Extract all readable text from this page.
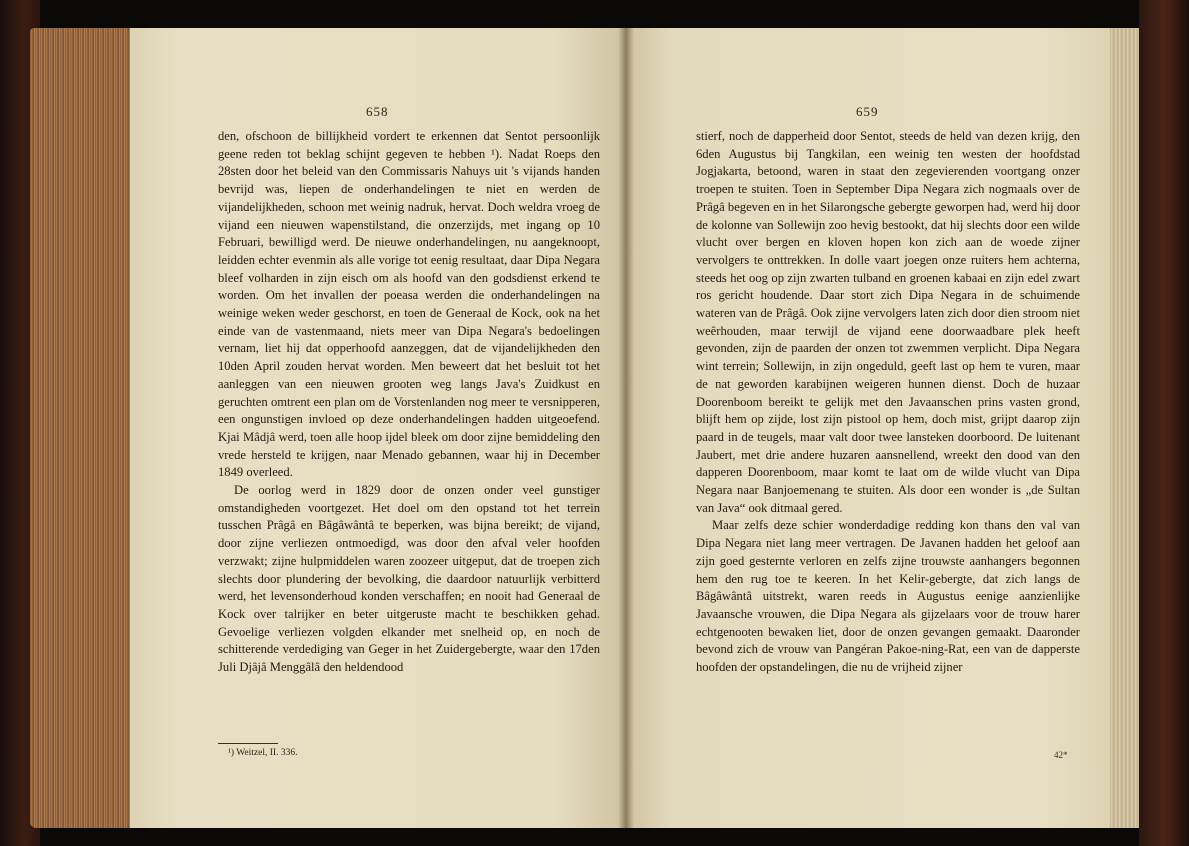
658

den, ofschoon de billijkheid vordert te erkennen dat Sentot persoonlijk geene reden tot beklag schijnt gegeven te hebben ¹). Nadat Roeps den 28sten door het beleid van den Commissaris Nahuys uit 's vijands handen bevrijd was, liepen de onderhandelingen te niet en werden de vijandelijkheden, schoon met weinig nadruk, hervat. Doch weldra vroeg de vijand een nieuwen wapenstilstand, die onzerzijds, met ingang op 10 Februari, bewilligd werd. De nieuwe onderhandelingen, nu aangeknoopt, leidden echter evenmin als alle vorige tot eenig resultaat, daar Dipa Negara bleef volharden in zijn eisch om als hoofd van den godsdienst erkend te worden. Om het invallen der poeasa werden die onderhandelingen na weinige weken weder geschorst, en toen de Generaal de Kock, ook na het einde van de vastenmaand, niets meer van Dipa Negara's bedoelingen vernam, liet hij dat opperhoofd aanzeggen, dat de vijandelijkheden den 10den April zouden hervat worden. Men beweert dat het besluit tot het aanleggen van een nieuwen grooten weg langs Java's Zuidkust en geruchten omtrent een plan om de Vorstenlanden nog meer te versnipperen, een ongunstigen invloed op deze onderhandelingen hadden uitgeoefend. Kjai Mâdjâ werd, toen alle hoop ijdel bleek om door zijne bemiddeling den vrede hersteld te krijgen, naar Menado gebannen, waar hij in December 1849 overleed.

De oorlog werd in 1829 door de onzen onder veel gunstiger omstandigheden voortgezet. Het doel om den opstand tot het terrein tusschen Prâgâ en Bâgâwântâ te beperken, was bijna bereikt; de vijand, door zijne verliezen ontmoedigd, was door den afval veler hoofden verzwakt; zijne hulpmiddelen waren zoozeer uitgeput, dat de troepen zich slechts door plundering der bevolking, die daardoor natuurlijk verbitterd werd, het levensonderhoud konden verschaffen; en nooit had Generaal de Kock over talrijker en beter uitgeruste macht te beschikken gehad. Gevoelige verliezen volgden elkander met snelheid op, en noch de schitterende verdediging van Geger in het Zuidergebergte, waar den 17den Juli Djâjâ Menggâlâ den heldendood

¹) Weitzel, II. 336.
659

stierf, noch de dapperheid door Sentot, steeds de held van dezen krijg, den 6den Augustus bij Tangkilan, een weinig ten westen der hoofdstad Jogjakarta, betoond, waren in staat den zegevierenden voortgang onzer troepen te stuiten. Toen in September Dipa Negara zich nogmaals over de Prâgâ begeven en in het Silarongsche gebergte geworpen had, werd hij door de kolonne van Sollewijn zoo hevig bestookt, dat hij slechts door een wilde vlucht over bergen en kloven hopen kon zich aan de woede zijner vervolgers te onttrekken. In dolle vaart joegen onze ruiters hem achterna, steeds het oog op zijn zwarten tulband en groenen kabaai en zijn edel zwart ros gericht houdende. Daar stort zich Dipa Negara in de schuimende wateren van de Prâgâ. Ook zijne vervolgers laten zich door dien stroom niet weêrhouden, maar terwijl de vijand eene doorwaadbare plek heeft gevonden, zijn de paarden der onzen tot zwemmen verplicht. Dipa Negara wint terrein; Sollewijn, in zijn ongeduld, geeft last op hem te vuren, maar de nat geworden karabijnen weigeren hunnen dienst. Doch de huzaar Doorenboom bereikt te gelijk met den Javaanschen prins vasten grond, blijft hem op zijde, lost zijn pistool op hem, doch mist, grijpt daarop zijn paard in de teugels, maar valt door twee lansteken doorboord. De luitenant Jaubert, met drie andere huzaren aansnellend, wreekt den dood van den dapperen Doorenboom, maar komt te laat om de wilde vlucht van Dipa Negara naar Banjoemenang te stuiten. Als door een wonder is „de Sultan van Java“ ook ditmaal gered.

Maar zelfs deze schier wonderdadige redding kon thans den val van Dipa Negara niet lang meer vertragen. De Javanen hadden het geloof aan zijn goed gesternte verloren en zelfs zijne trouwste aanhangers begonnen hem den rug toe te keeren. In het Kelir-gebergte, dat zich langs de Bâgâwântâ uitstrekt, waren reeds in Augustus eenige aanzienlijke Javaansche vrouwen, die Dipa Negara als gijzelaars voor de trouw harer echtgenooten bewaken liet, door de onzen gevangen gemaakt. Daaronder bevond zich de vrouw van Pangéran Pakoe-ning-Rat, een van de dapperste hoofden der opstandelingen, die nu de vrijheid zijner

42*
